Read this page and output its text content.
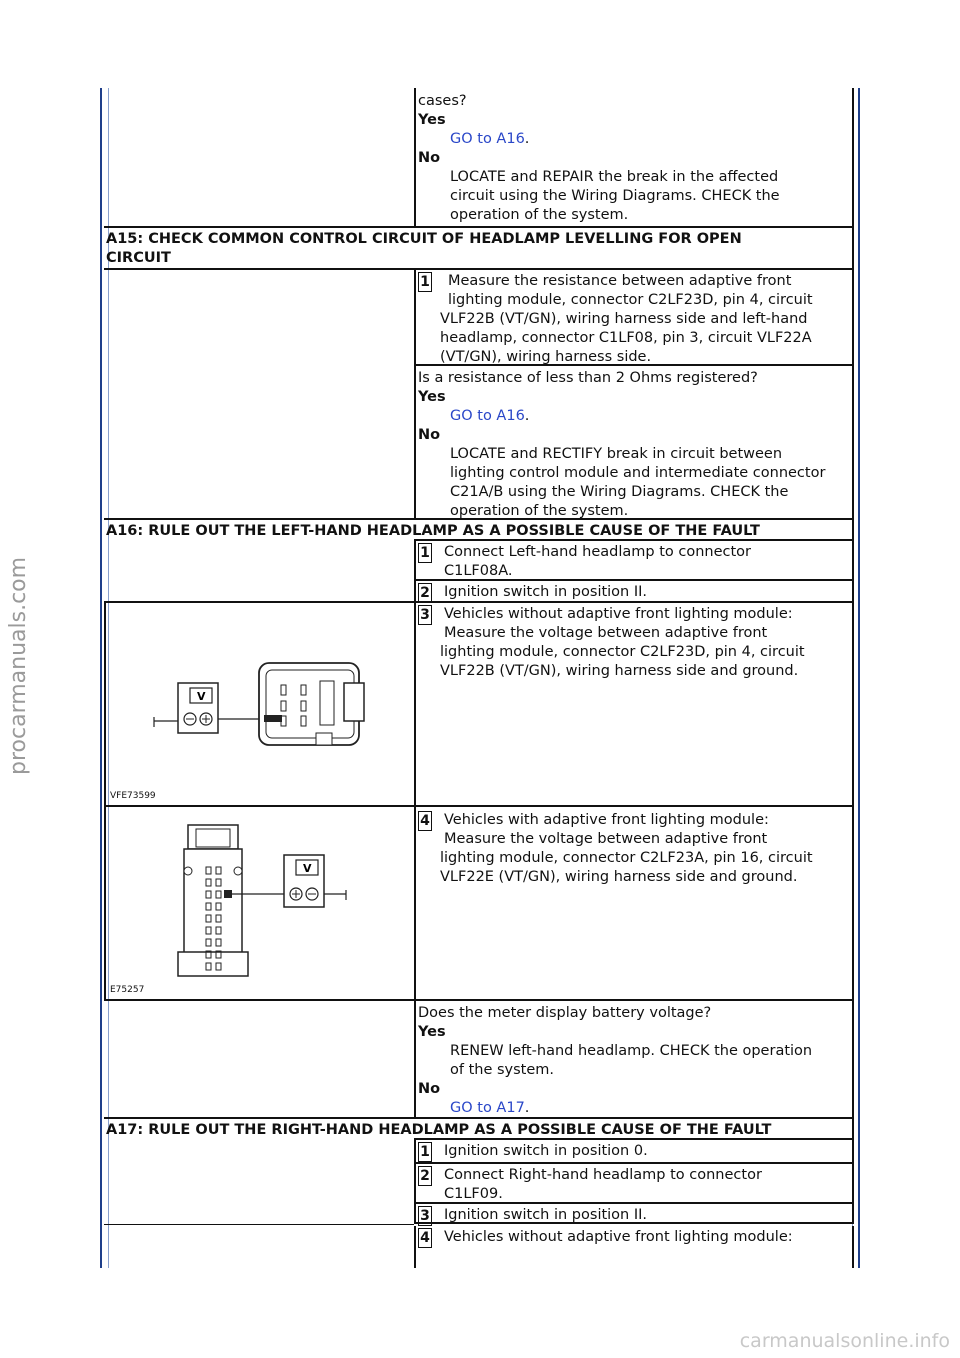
procarmanuals.com
carmanualsonline.info
cases?
Yes
GO to A16.
No
LOCATE and REPAIR the break in the affected
circuit using the Wiring Diagrams. CHECK the
operation of the system.
A15: CHECK COMMON CONTROL CIRCUIT OF HEADLAMP LEVELLING FOR OPEN
CIRCUIT
1 Measure the resistance between adaptive front
lighting module, connector C2LF23D, pin 4, circuit
VLF22B (VT/GN), wiring harness side and left-hand
headlamp, connector C1LF08, pin 3, circuit VLF22A
(VT/GN), wiring harness side.
Is a resistance of less than 2 Ohms registered?
Yes
GO to A16.
No
LOCATE and RECTIFY break in circuit between
lighting control module and intermediate connector
C21A/B using the Wiring Diagrams. CHECK the
operation of the system.
A16: RULE OUT THE LEFT-HAND HEADLAMP AS A POSSIBLE CAUSE OF THE FAULT
1 Connect Left-hand headlamp to connector
C1LF08A.
2 Ignition switch in position II.
V
VFE73599
3 Vehicles without adaptive front lighting module:
Measure the voltage between adaptive front
lighting module, connector C2LF23D, pin 4, circuit
VLF22B (VT/GN), wiring harness side and ground.
V
E75257
4 Vehicles with adaptive front lighting module:
Measure the voltage between adaptive front
lighting module, connector C2LF23A, pin 16, circuit
VLF22E (VT/GN), wiring harness side and ground.
Does the meter display battery voltage?
Yes
RENEW left-hand headlamp. CHECK the operation
of the system.
No
GO to A17.
A17: RULE OUT THE RIGHT-HAND HEADLAMP AS A POSSIBLE CAUSE OF THE FAULT
1 Ignition switch in position 0.
2 Connect Right-hand headlamp to connector
C1LF09.
3 Ignition switch in position II.
4 Vehicles without adaptive front lighting module:
